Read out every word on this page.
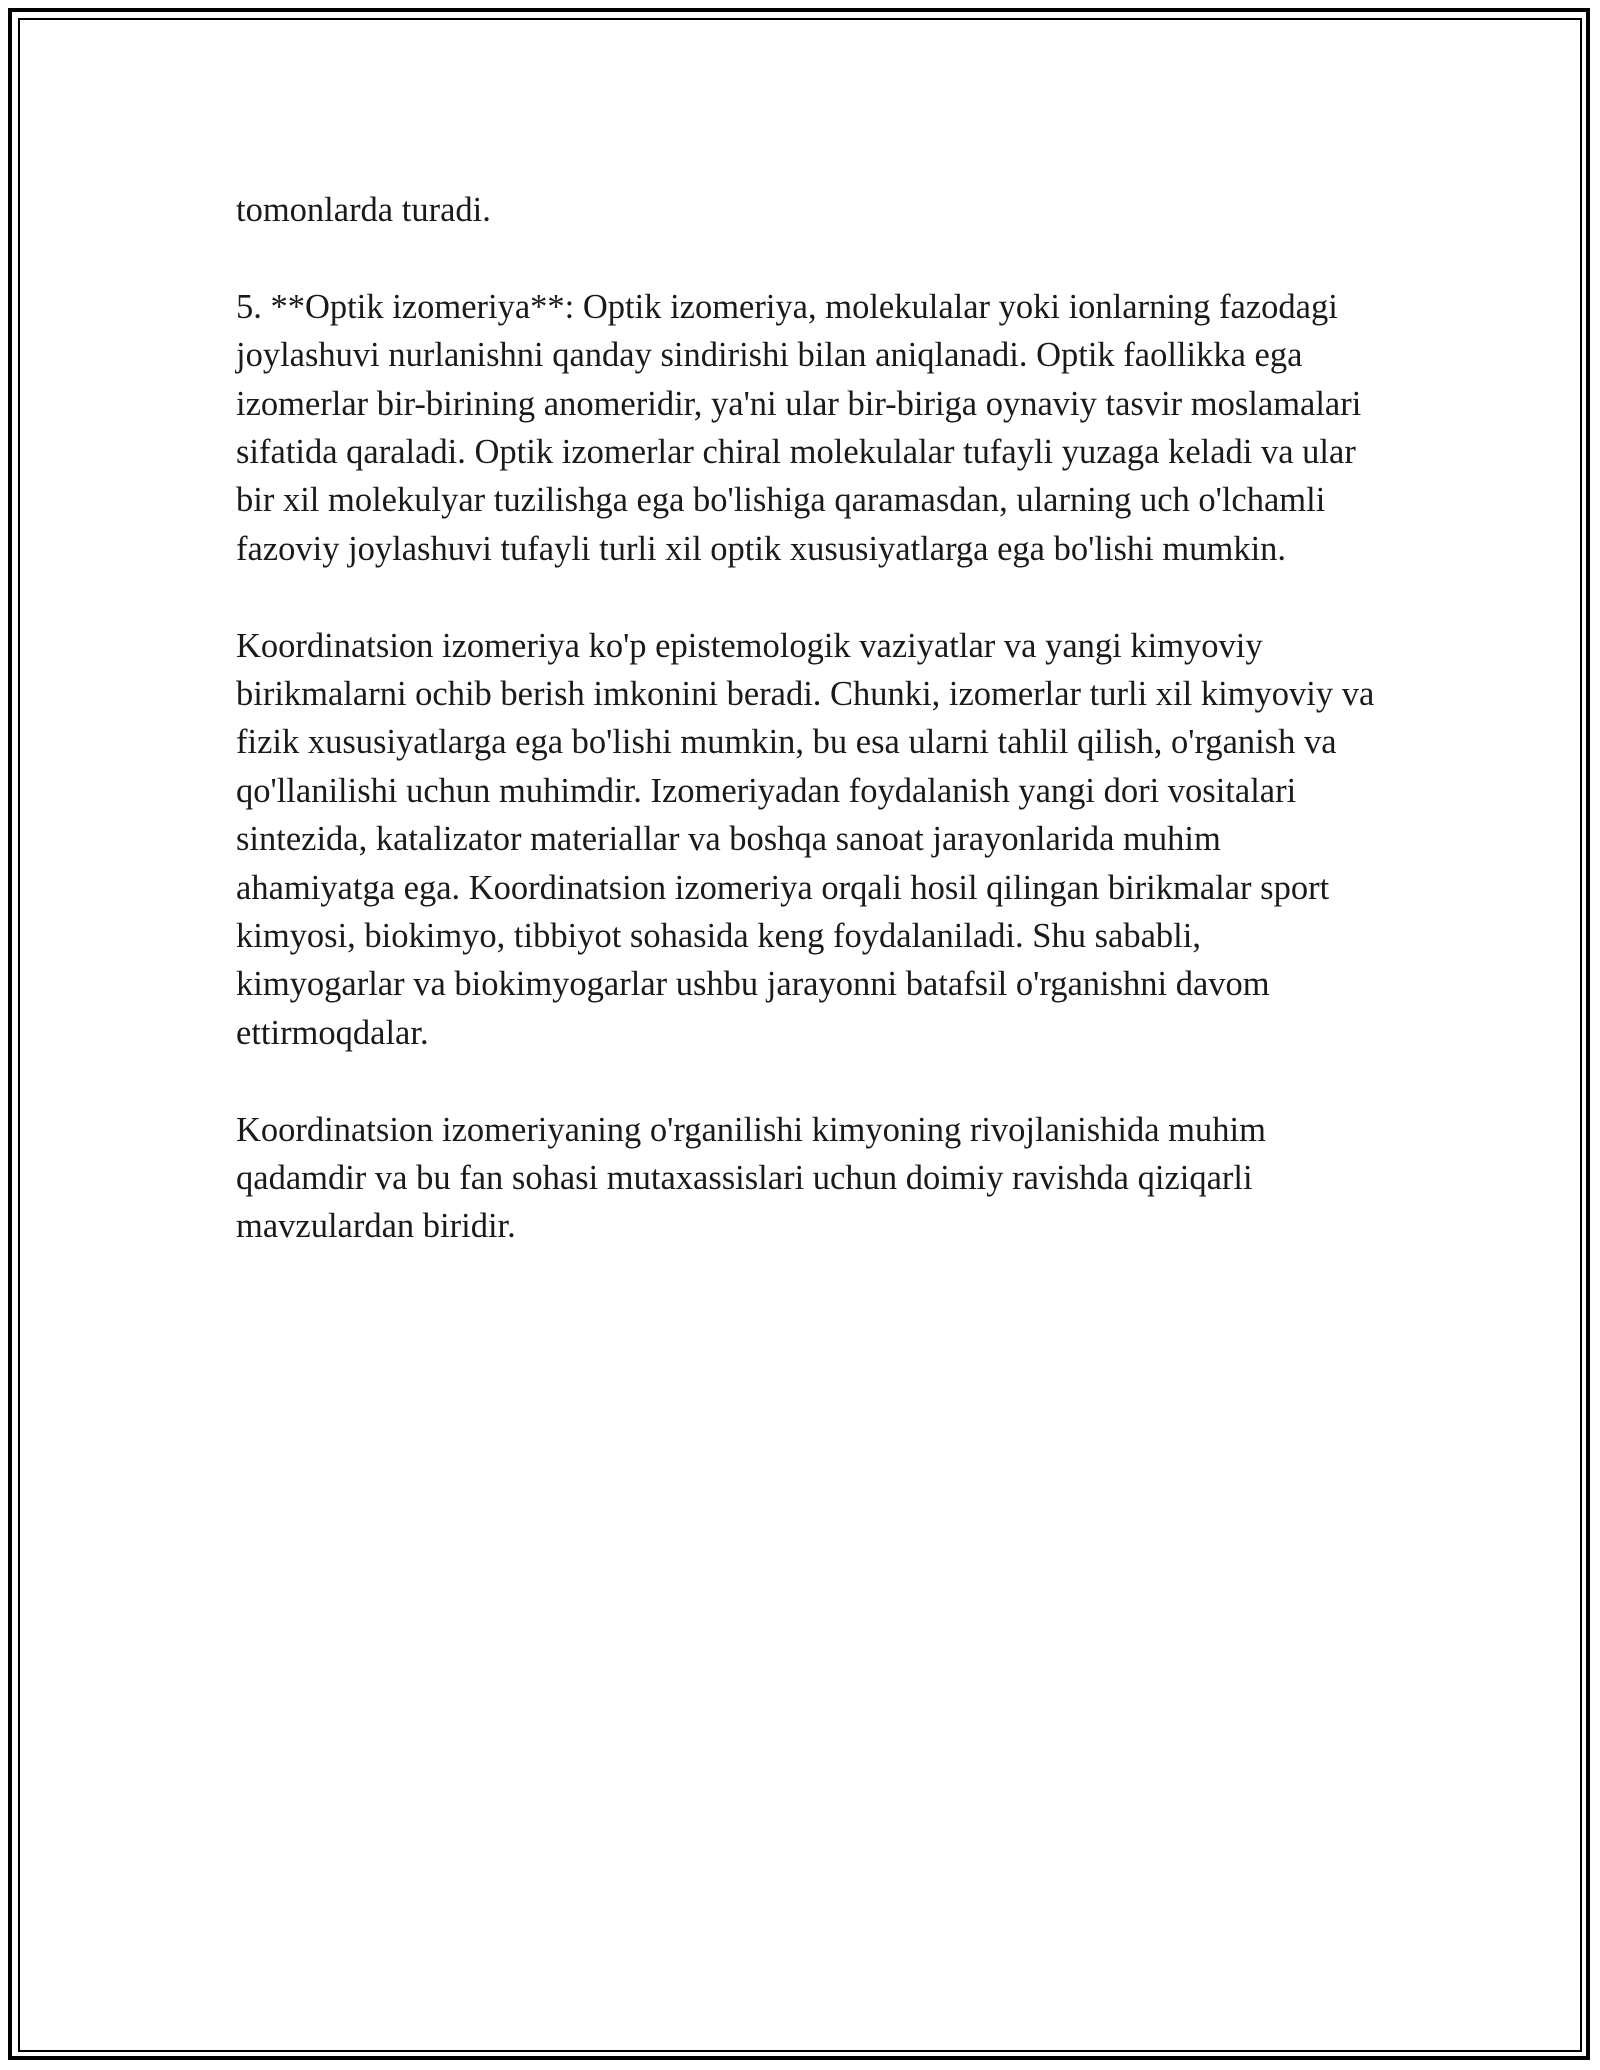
tomonlarda turadi.

5. **Optik izomeriya**: Optik izomeriya, molekulalar yoki ionlarning fazodagi joylashuvi nurlanishni qanday sindirishi bilan aniqlanadi. Optik faollikka ega izomerlar bir-birining anomeridir, ya'ni ular bir-biriga oynaviy tasvir moslamalari sifatida qaraladi. Optik izomerlar chiral molekulalar tufayli yuzaga keladi va ular bir xil molekulyar tuzilishga ega bo'lishiga qaramasdan, ularning uch o'lchamli fazoviy joylashuvi tufayli turli xil optik xususiyatlarga ega bo'lishi mumkin.

Koordinatsion izomeriya ko'p epistemologik vaziyatlar va yangi kimyoviy birikmalarni ochib berish imkonini beradi. Chunki, izomerlar turli xil kimyoviy va fizik xususiyatlarga ega bo'lishi mumkin, bu esa ularni tahlil qilish, o'rganish va qo'llanilishi uchun muhimdir. Izomeriyadan foydalanish yangi dori vositalari sintezida, katalizator materiallar va boshqa sanoat jarayonlarida muhim ahamiyatga ega. Koordinatsion izomeriya orqali hosil qilingan birikmalar sport kimyosi, biokimyo, tibbiyot sohasida keng foydalaniladi. Shu sababli, kimyogarlar va biokimyogarlar ushbu jarayonni batafsil o'rganishni davom ettirmoqdalar.

Koordinatsion izomeriyaning o'rganilishi kimyoning rivojlanishida muhim qadamdir va bu fan sohasi mutaxassislari uchun doimiy ravishda qiziqarli mavzulardan biridir.
